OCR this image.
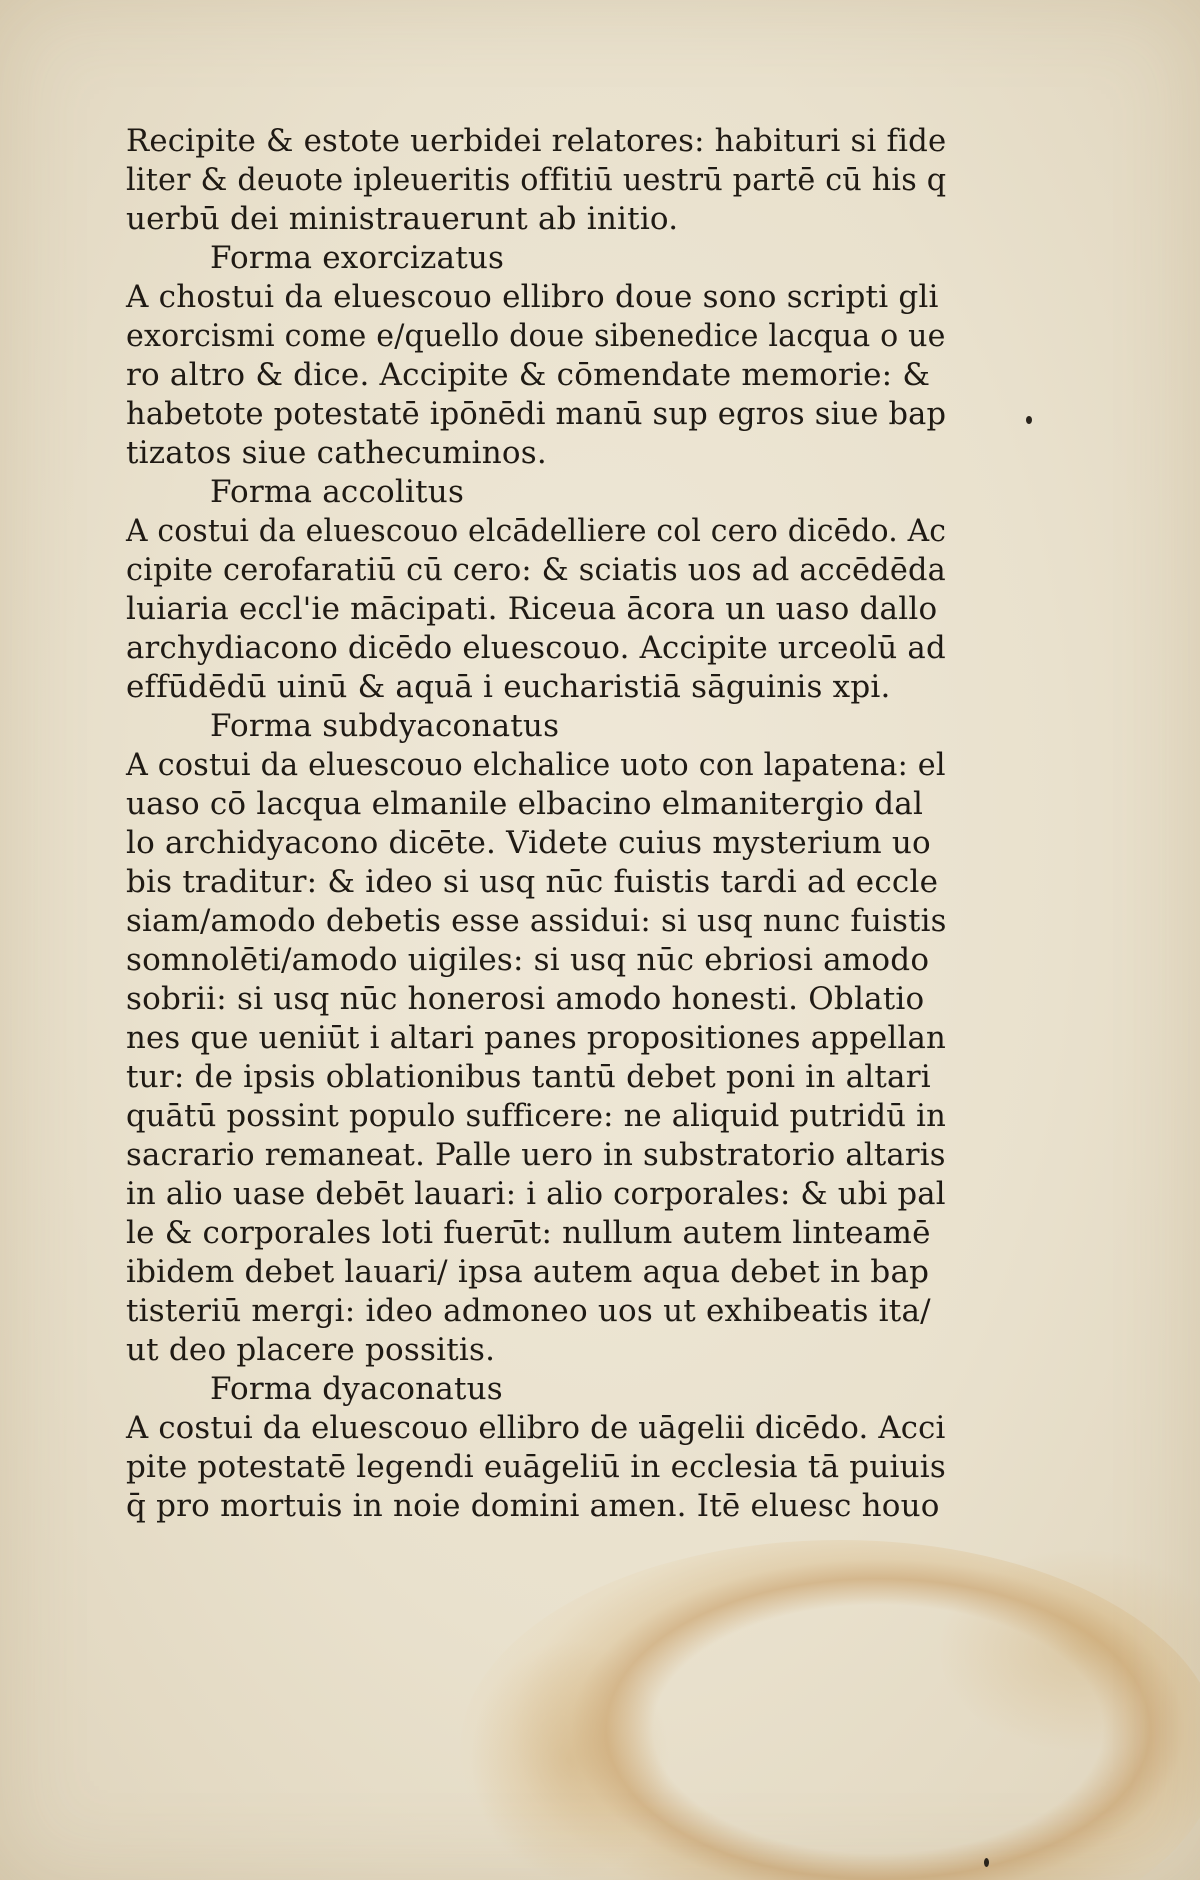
Recipite & estote uerbidei relatores: habituri si fide
liter & deuote ipleueritis offitiū uestrū partē cū his q
uerbū dei ministrauerunt ab initio.
Forma exorcizatus
A chostui da eluescouo ellibro doue sono scripti gli
exorcismi come e/quello doue sibenedice lacqua o ue
ro altro & dice. Accipite & cōmendate memorie: &
habetote potestatē ipōnēdi manū sup egros siue bap
tizatos siue cathecuminos.
Forma accolitus
A costui da eluescouo elcādelliere col cero dicēdo. Ac
cipite cerofaratiū cū cero: & sciatis uos ad accēdēda
luiaria eccl'ie mācipati. Riceua ācora un uaso dallo
archydiacono dicēdo eluescouo. Accipite urceolū ad
effūdēdū uinū & aquā i eucharistiā sāguinis xpi.
Forma subdyaconatus
A costui da eluescouo elchalice uoto con lapatena: el
uaso cō lacqua elmanile elbacino elmanitergio dal
lo archidyacono dicēte. Videte cuius mysterium uo
bis traditur: & ideo si usq nūc fuistis tardi ad eccle
siam/amodo debetis esse assidui: si usq nunc fuistis
somnolēti/amodo uigiles: si usq nūc ebriosi amodo
sobrii: si usq nūc honerosi amodo honesti. Oblatio
nes que ueniūt i altari panes propositiones appellan
tur: de ipsis oblationibus tantū debet poni in altari
quātū possint populo sufficere: ne aliquid putridū in
sacrario remaneat. Palle uero in substratorio altaris
in alio uase debēt lauari: i alio corporales: & ubi pal
le & corporales loti fuerūt: nullum autem linteamē
ibidem debet lauari/ ipsa autem aqua debet in bap
tisteriū mergi: ideo admoneo uos ut exhibeatis ita/
ut deo placere possitis.
Forma dyaconatus
A costui da eluescouo ellibro de uāgelii dicēdo. Acci
pite potestatē legendi euāgeliū in ecclesia tā puiuis
q̄ pro mortuis in noie domini amen. Itē eluesc houo
